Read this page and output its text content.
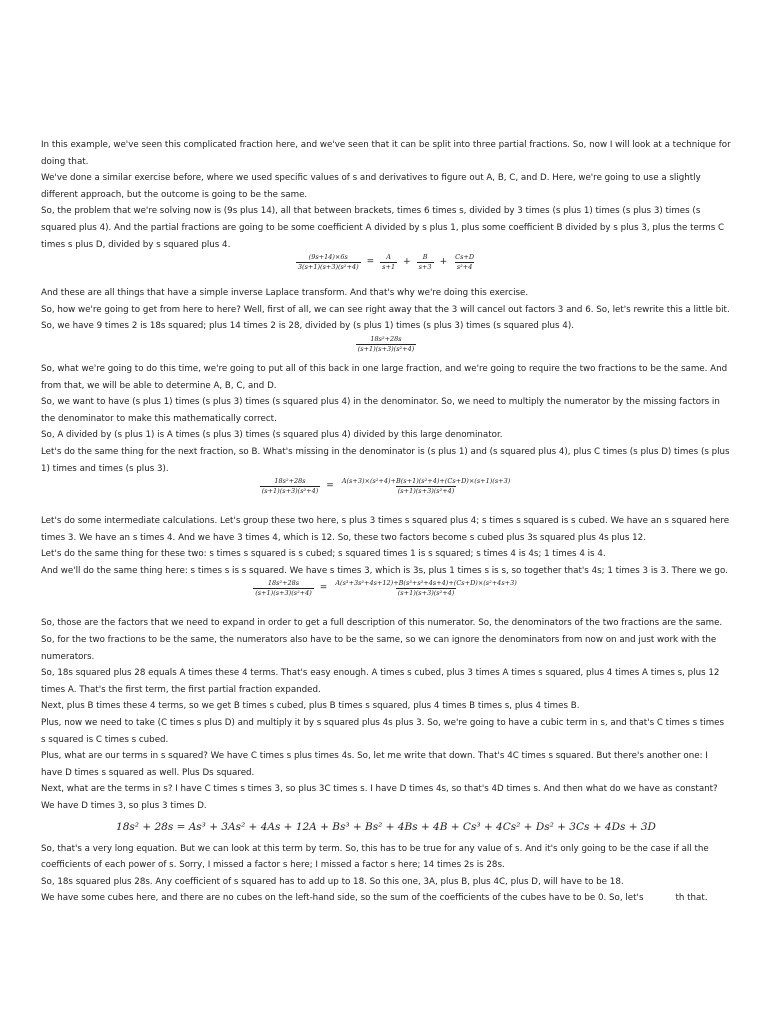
In this example, we've seen this complicated fraction here, and we've seen that it can be split into three partial fractions. So, now I will look at a technique for doing that.

We've done a similar exercise before, where we used specific values of s and derivatives to figure out A, B, C, and D. Here, we're going to use a slightly different approach, but the outcome is going to be the same.

So, the problem that we're solving now is (9s plus 14), all that between brackets, times 6 times s, divided by 3 times (s plus 1) times (s plus 3) times (s squared plus 4). And the partial fractions are going to be some coefficient A divided by s plus 1, plus some coefficient B divided by s plus 3, plus the terms C times s plus D, divided by s squared plus 4.

$\frac{(9s+14)\times 6s}{\text{3(s+1)(s+3)(s²+4)}} = \frac{A}{s+1} + \frac{B}{s+3} + \frac{Cs+D}{\text{s²+4}}$

And these are all things that have a simple inverse Laplace transform. And that's why we're doing this exercise.

So, how we're going to get from here to here? Well, first of all, we can see right away that the 3 will cancel out factors 3 and 6. So, let's rewrite this a little bit.

So, we have 9 times 2 is 18s squared; plus 14 times 2 is 28, divided by (s plus 1) times (s plus 3) times (s squared plus 4).

$\frac{\text{18s²+28s}}{\text{(s+1)(s+3)(s²+4)}}$

So, what we're going to do this time, we're going to put all of this back in one large fraction, and we're going to require the two fractions to be the same. And from that, we will be able to determine A, B, C, and D.

So, we want to have (s plus 1) times (s plus 3) times (s squared plus 4) in the denominator. So, we need to multiply the numerator by the missing factors in the denominator to make this mathematically correct.

So, A divided by (s plus 1) is A times (s plus 3) times (s squared plus 4) divided by this large denominator.

Let's do the same thing for the next fraction, so B. What's missing in the denominator is (s plus 1) and (s squared plus 4), plus C times (s plus D) times (s plus 1) times and times (s plus 3).

$\frac{\text{18s²+28s}}{\text{(s+1)(s+3)(s²+4)}} = \frac{\text{A(s+3)×(s²+4)+B(s+1)(s²+4)+(Cs+D)×(s+1)(s+3)}}{\text{(s+1)(s+3)(s²+4)}}$

Let's do some intermediate calculations. Let's group these two here, s plus 3 times s squared plus 4; s times s squared is s cubed. We have an s squared here times 3. We have an s times 4. And we have 3 times 4, which is 12. So, these two factors become s cubed plus 3s squared plus 4s plus 12.

Let's do the same thing for these two: s times s squared is s cubed; s squared times 1 is s squared; s times 4 is 4s; 1 times 4 is 4.

And we'll do the same thing here: s times s is s squared. We have s times 3, which is 3s, plus 1 times s is s, so together that's 4s; 1 times 3 is 3. There we go.

$\frac{\text{18s²+28s}}{\text{(s+1)(s+3)(s²+4)}} = \frac{\text{A(s³+3s²+4s+12)+B(s³+s²+4s+4)+(Cs+D)×(s²+4s+3)}}{\text{(s+1)(s+3)(s²+4)}}$

So, those are the factors that we need to expand in order to get a full description of this numerator. So, the denominators of the two fractions are the same. So, for the two fractions to be the same, the numerators also have to be the same, so we can ignore the denominators from now on and just work with the numerators.

So, 18s squared plus 28 equals A times these 4 terms. That's easy enough. A times s cubed, plus 3 times A times s squared, plus 4 times A times s, plus 12 times A. That's the first term, the first partial fraction expanded.

Next, plus B times these 4 terms, so we get B times s cubed, plus B times s squared, plus 4 times B times s, plus 4 times B.

Plus, now we need to take (C times s plus D) and multiply it by s squared plus 4s plus 3. So, we're going to have a cubic term in s, and that's C times s times s squared is C times s cubed.

Plus, what are our terms in s squared? We have C times s plus times 4s. So, let me write that down. That's 4C times s squared. But there's another one: I have D times s squared as well. Plus Ds squared.

Next, what are the terms in s? I have C times s times 3, so plus 3C times s. I have D times 4s, so that's 4D times s. And then what do we have as constant? We have D times 3, so plus 3 times D.

18s² + 28s = As³ + 3As² + 4As + 12A + Bs³ + Bs² + 4Bs + 4B + Cs³ + 4Cs² + Ds² + 3Cs + 4Ds + 3D

So, that's a very long equation. But we can look at this term by term. So, this has to be true for any value of s. And it's only going to be the case if all the coefficients of each power of s. Sorry, I missed a factor s here; I missed a factor s here; 14 times 2s is 28s.

So, 18s squared plus 28s. Any coefficient of s squared has to add up to 18. So this one, 3A, plus B, plus 4C, plus D, will have to be 18.

We have some cubes here, and there are no cubes on the left-hand side, so the sum of the coefficients of the cubes have to be 0. So, let's	th that.
